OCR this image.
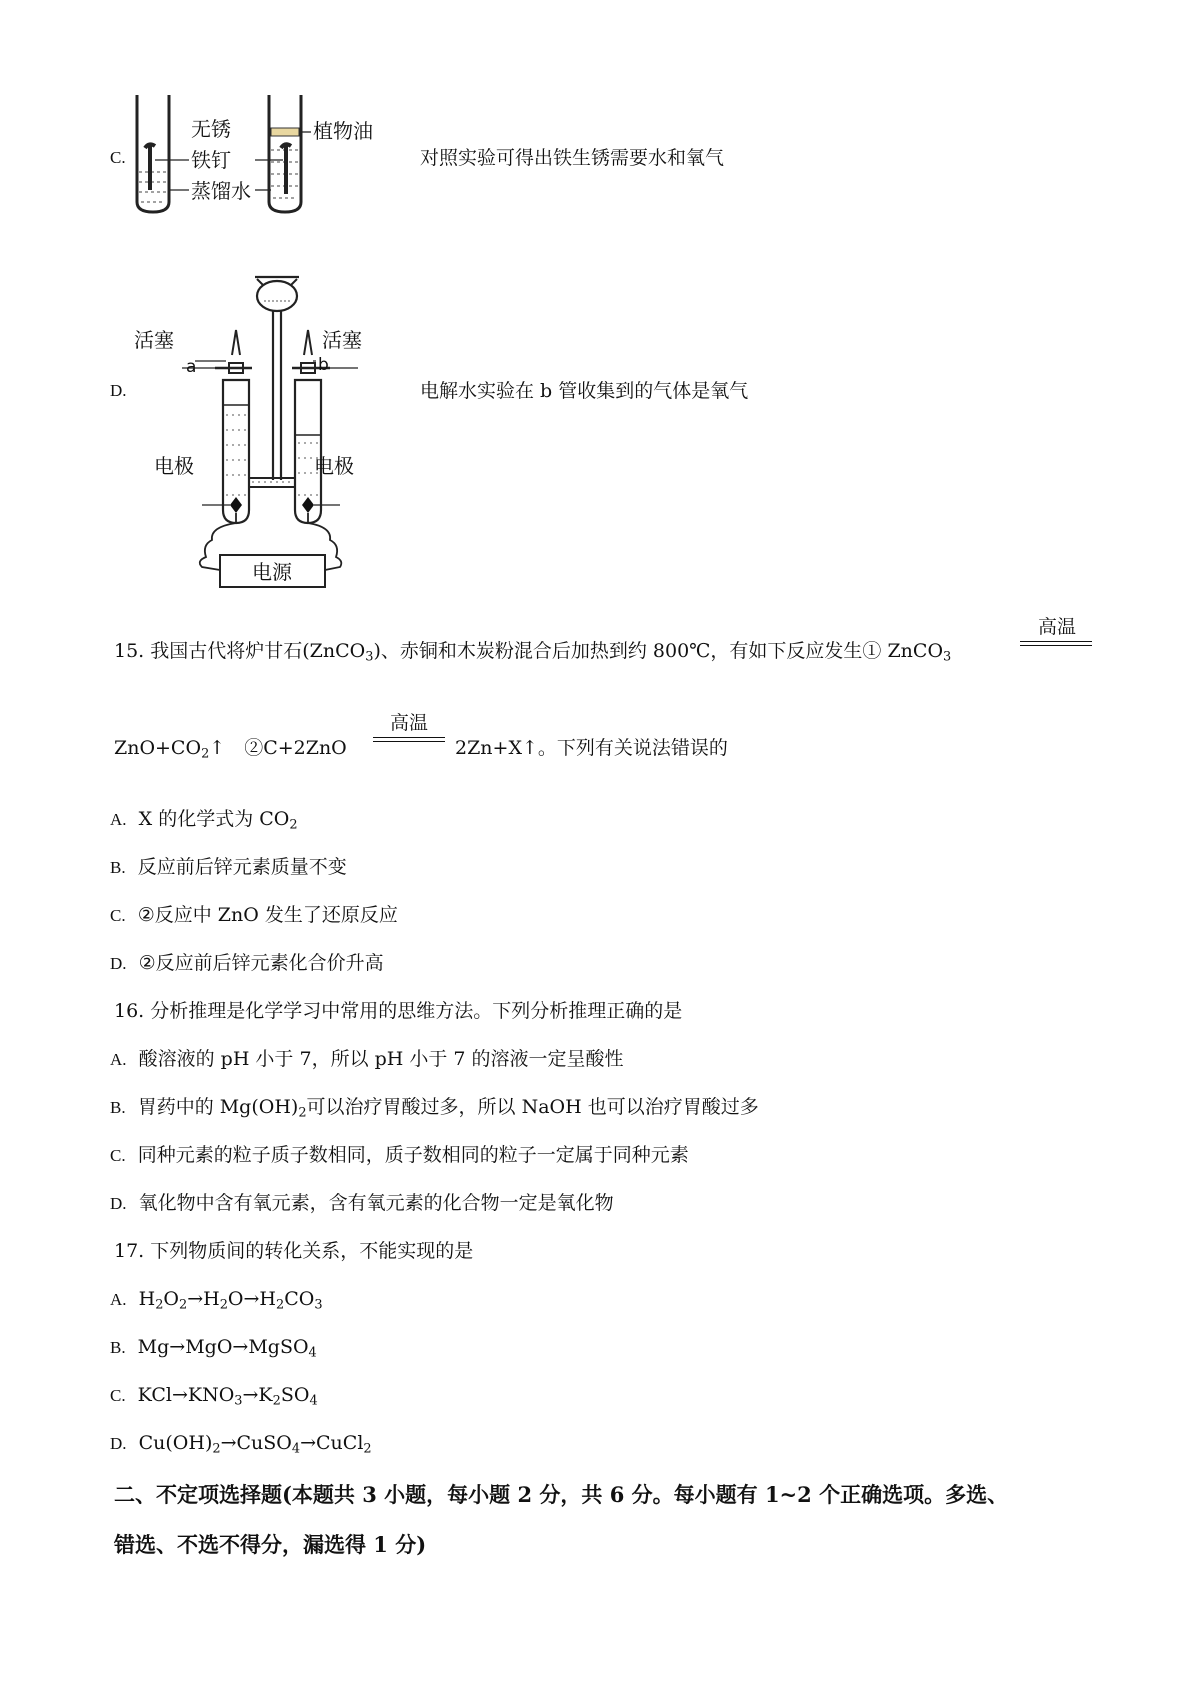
C.
无锈
铁钉
蒸馏水
植物油
对照实验可得出铁生锈需要水和氧气
D.
活塞	活塞
a	b
电极	电极
电源
电解水实验在 b 管收集到的气体是氧气
15. 我国古代将炉甘石(ZnCO$_3$)、赤铜和木炭粉混合后加热到约 800℃，有如下反应发生① ZnCO$_3$
高温
$ZnO+CO_2↑$　②C+2ZnO
高温
2Zn+X↑。下列有关说法错误的
A. X 的化学式为 $CO_2$
B. 反应前后锌元素质量不变
C. ②反应中 ZnO 发生了还原反应
D. ②反应前后锌元素化合价升高
16. 分析推理是化学学习中常用的思维方法。下列分析推理正确的是
A. 酸溶液的 pH 小于 7，所以 pH 小于 7 的溶液一定呈酸性
B. 胃药中的 $Mg(OH)_2$可以治疗胃酸过多，所以 NaOH 也可以治疗胃酸过多
C. 同种元素的粒子质子数相同，质子数相同的粒子一定属于同种元素
D. 氧化物中含有氧元素，含有氧元素的化合物一定是氧化物
17. 下列物质间的转化关系，不能实现的是
A.  $H_2O_2\to H_2O\to H_2CO_3$
B.  Mg→MgO→MgSO$_4$
C.  $KCl\to KNO_3\to K_2SO_4$
D.  $Cu(OH)_2\to CuSO_4\to CuCl_2$
二、不定项选择题(本题共 3 小题，每小题 2 分，共 6 分。每小题有 1~2 个正确选项。多选、
错选、不选不得分，漏选得 1 分)
